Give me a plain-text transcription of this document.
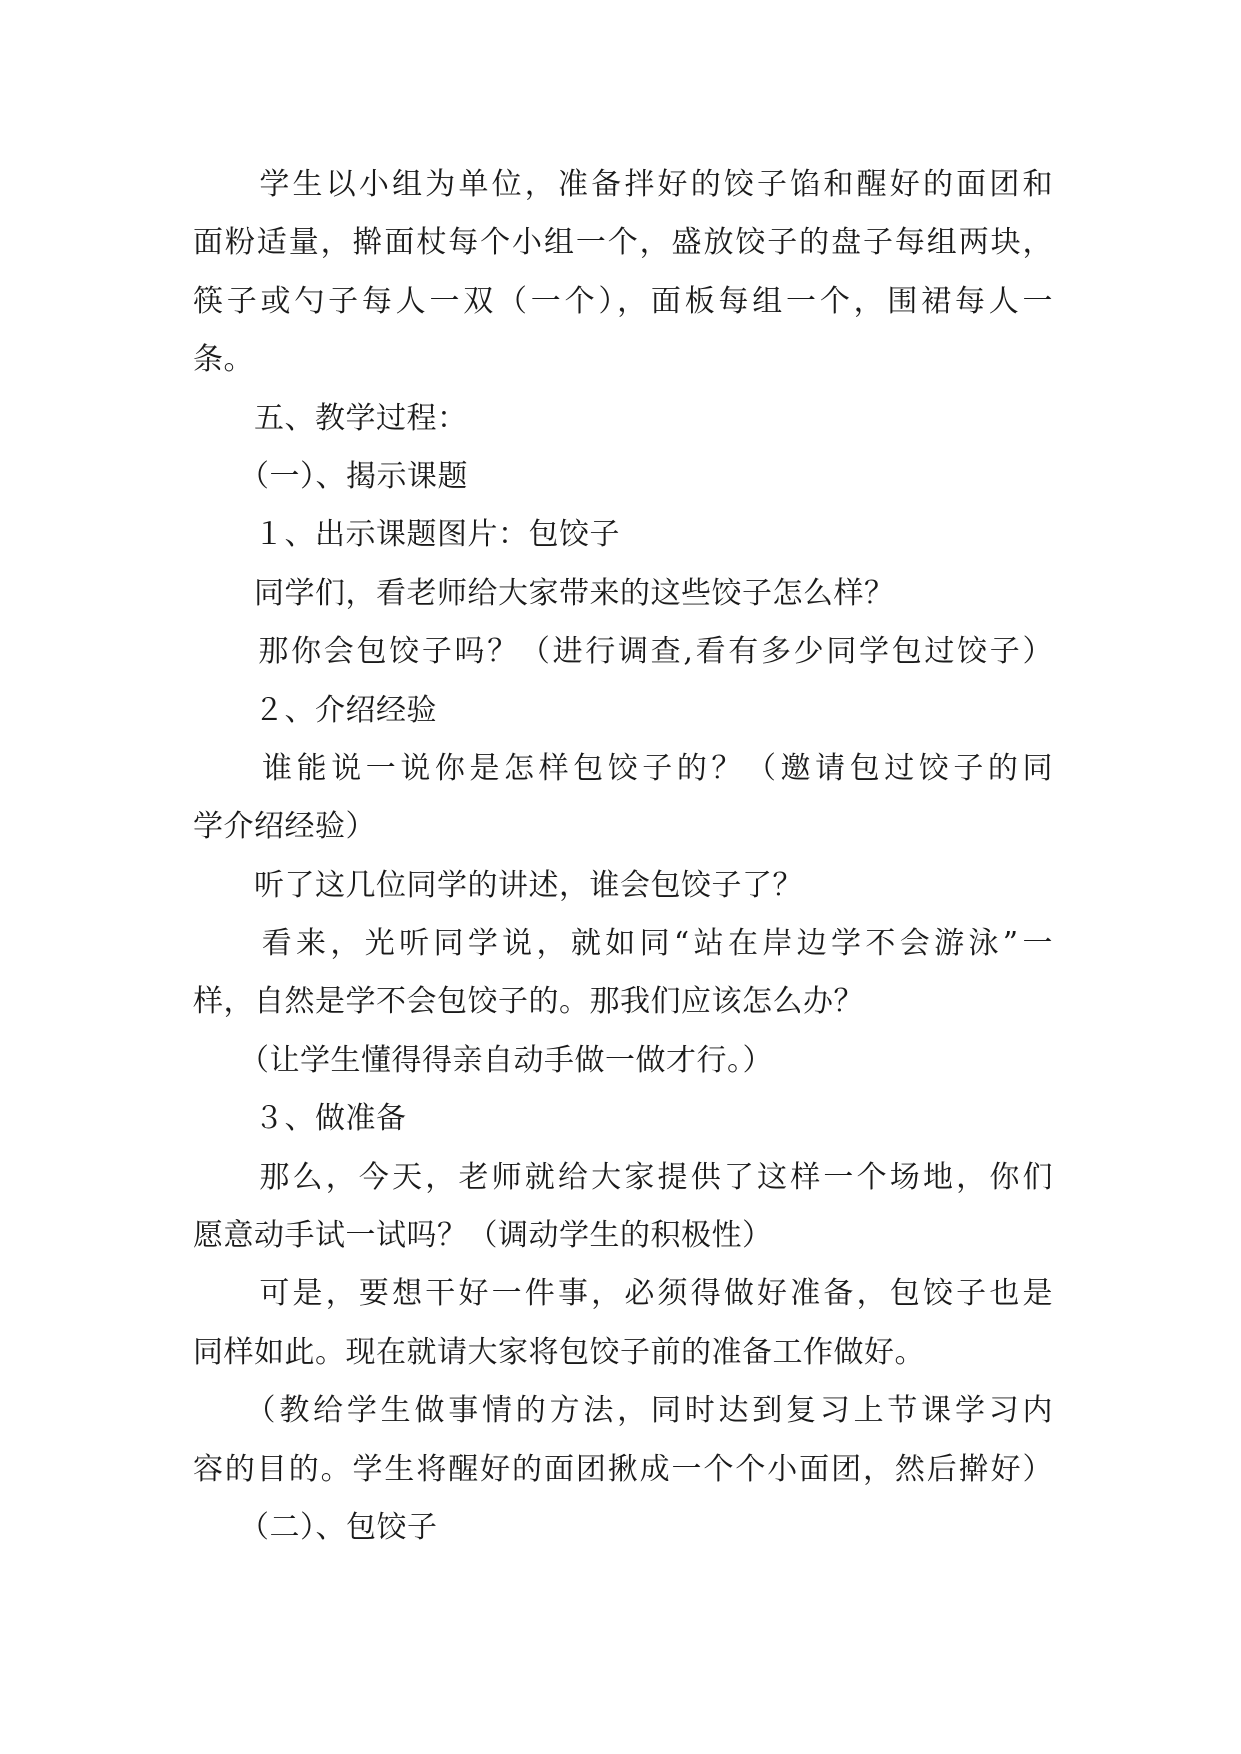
　　学生以小组为单位，准备拌好的饺子馅和醒好的面团和
面粉适量，擀面杖每个小组一个，盛放饺子的盘子每组两块，
筷子或勺子每人一双（一个），面板每组一个，围裙每人一
条。
　　五、教学过程：
　　（一）、揭示课题
　　１、出示课题图片：包饺子
　　同学们，看老师给大家带来的这些饺子怎么样？
　　那你会包饺子吗？（进行调查,看有多少同学包过饺子）
　　２、介绍经验
　　谁能说一说你是怎样包饺子的？（邀请包过饺子的同
学介绍经验）
　　听了这几位同学的讲述，谁会包饺子了？
　　看来，光听同学说，就如同“站在岸边学不会游泳”一
样，自然是学不会包饺子的。那我们应该怎么办？
　　（让学生懂得得亲自动手做一做才行。）
　　３、做准备
　　那么，今天，老师就给大家提供了这样一个场地，你们
愿意动手试一试吗？（调动学生的积极性）
　　可是，要想干好一件事，必须得做好准备，包饺子也是
同样如此。现在就请大家将包饺子前的准备工作做好。
　　（教给学生做事情的方法，同时达到复习上节课学习内
容的目的。学生将醒好的面团揪成一个个小面团，然后擀好）
　　（二）、包饺子
